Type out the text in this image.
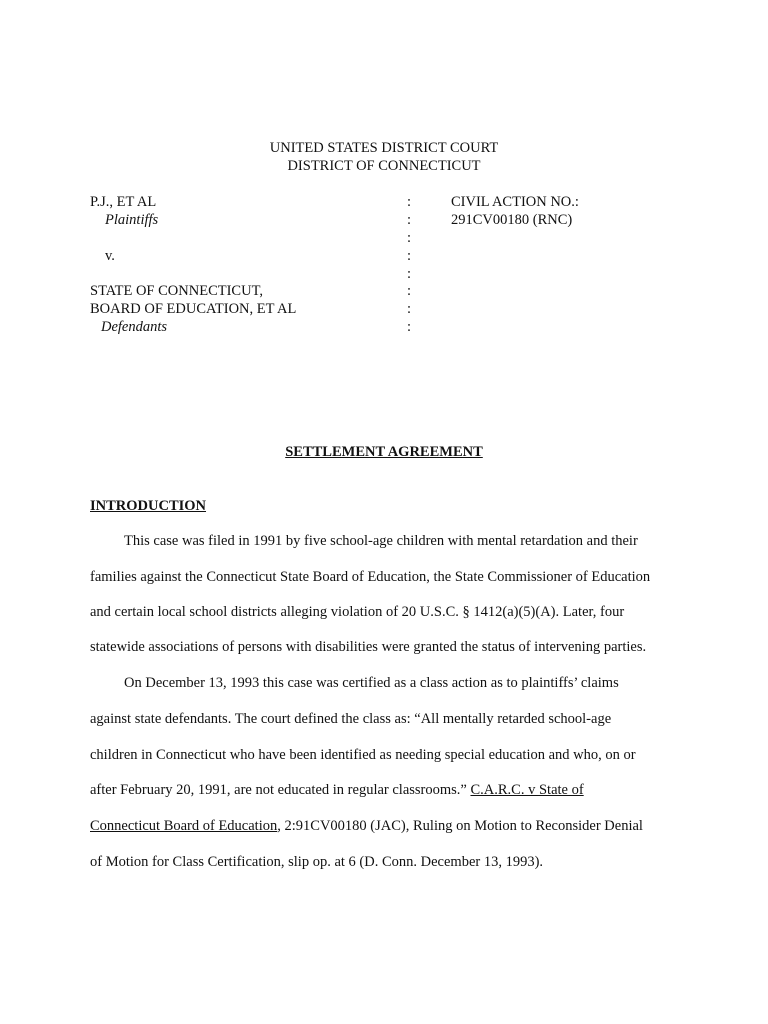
UNITED STATES DISTRICT COURT
DISTRICT OF CONNECTICUT
P.J., ET AL
Plaintiffs
v.
STATE OF CONNECTICUT,
BOARD OF EDUCATION, ET AL
Defendants
:
:
:
:
:
:
:
:
CIVIL ACTION NO.:
291CV00180 (RNC)
SETTLEMENT AGREEMENT
INTRODUCTION
This case was filed in 1991 by five school-age children with mental retardation and their
families against the Connecticut State Board of Education, the State Commissioner of Education
and certain local school districts alleging violation of 20 U.S.C. § 1412(a)(5)(A). Later, four
statewide associations of persons with disabilities were granted the status of intervening parties.
On December 13, 1993 this case was certified as a class action as to plaintiffs’ claims
against state defendants. The court defined the class as: “All mentally retarded school-age
children in Connecticut who have been identified as needing special education and who, on or
after February 20, 1991, are not educated in regular classrooms.” C.A.R.C. v State of
Connecticut Board of Education, 2:91CV00180 (JAC), Ruling on Motion to Reconsider Denial
of Motion for Class Certification, slip op. at 6 (D. Conn. December 13, 1993).
